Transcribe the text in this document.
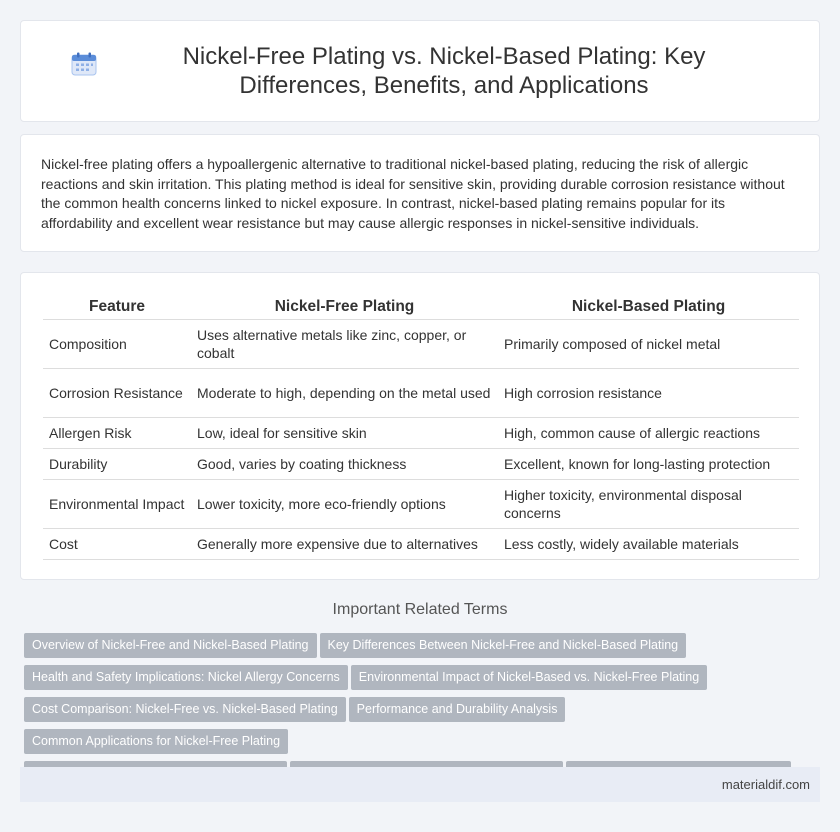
Nickel-Free Plating vs. Nickel-Based Plating: Key Differences, Benefits, and Applications

Nickel-free plating offers a hypoallergenic alternative to traditional nickel-based plating, reducing the risk of allergic reactions and skin irritation. This plating method is ideal for sensitive skin, providing durable corrosion resistance without the common health concerns linked to nickel exposure. In contrast, nickel-based plating remains popular for its affordability and excellent wear resistance but may cause allergic responses in nickel-sensitive individuals.

Feature	Nickel-Free Plating	Nickel-Based Plating
Composition	Uses alternative metals like zinc, copper, or cobalt	Primarily composed of nickel metal
Corrosion Resistance	Moderate to high, depending on the metal used	High corrosion resistance
Allergen Risk	Low, ideal for sensitive skin	High, common cause of allergic reactions
Durability	Good, varies by coating thickness	Excellent, known for long-lasting protection
Environmental Impact	Lower toxicity, more eco-friendly options	Higher toxicity, environmental disposal concerns
Cost	Generally more expensive due to alternatives	Less costly, widely available materials
Important Related Terms
Overview of Nickel-Free and Nickel-Based Plating Key Differences Between Nickel-Free and Nickel-Based Plating
Health and Safety Implications: Nickel Allergy Concerns Environmental Impact of Nickel-Based vs. Nickel-Free Plating
Cost Comparison: Nickel-Free vs. Nickel-Based Plating Performance and Durability AnalysisCommon Applications for Nickel-Free Plating

materialdif.com
